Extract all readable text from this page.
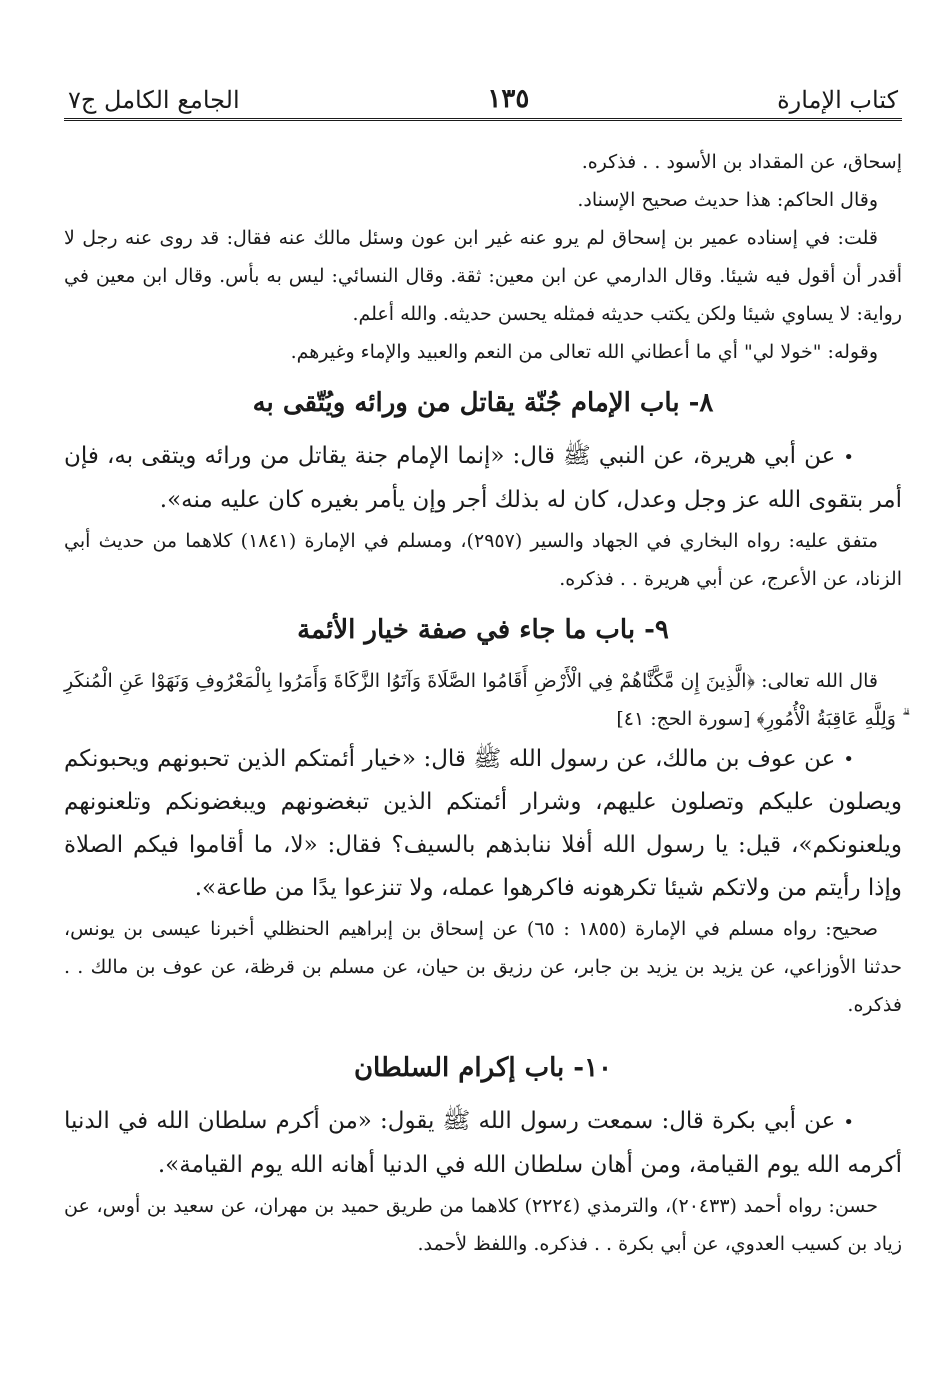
كتاب الإمارة
١٣٥
الجامع الكامل ج٧

إسحاق، عن المقداد بن الأسود . . فذكره.

وقال الحاكم: هذا حديث صحيح الإسناد.

قلت: في إسناده عمير بن إسحاق لم يرو عنه غير ابن عون وسئل مالك عنه فقال: قد روى عنه رجل لا أقدر أن أقول فيه شيئا. وقال الدارمي عن ابن معين: ثقة. وقال النسائي: ليس به بأس. وقال ابن معين في رواية: لا يساوي شيئا ولكن يكتب حديثه فمثله يحسن حديثه. والله أعلم.

وقوله: "خولا لي" أي ما أعطاني الله تعالى من النعم والعبيد والإماء وغيرهم.

٨- باب الإمام جُنّة يقاتل من ورائه ويُتّقى به

•عن أبي هريرة، عن النبي ﷺ قال: «إنما الإمام جنة يقاتل من ورائه ويتقى به، فإن أمر بتقوى الله عز وجل وعدل، كان له بذلك أجر وإن يأمر بغيره كان عليه منه».

متفق عليه: رواه البخاري في الجهاد والسير (٢٩٥٧)، ومسلم في الإمارة (١٨٤١) كلاهما من حديث أبي الزناد، عن الأعرج، عن أبي هريرة . . فذكره.

٩- باب ما جاء في صفة خيار الأئمة

قال الله تعالى: ﴿الَّذِينَ إِن مَّكَّنَّاهُمْ فِي الْأَرْضِ أَقَامُوا الصَّلَاةَ وَآتَوُا الزَّكَاةَ وَأَمَرُوا بِالْمَعْرُوفِ وَنَهَوْا عَنِ الْمُنكَرِ ۗ وَلِلَّهِ عَاقِبَةُ الْأُمُورِ﴾ [سورة الحج: ٤١]

•عن عوف بن مالك، عن رسول الله ﷺ قال: «خيار أئمتكم الذين تحبونهم ويحبونكم ويصلون عليكم وتصلون عليهم، وشرار أئمتكم الذين تبغضونهم ويبغضونكم وتلعنونهم ويلعنونكم»، قيل: يا رسول الله أفلا ننابذهم بالسيف؟ فقال: «لا، ما أقاموا فيكم الصلاة وإذا رأيتم من ولاتكم شيئا تكرهونه فاكرهوا عمله، ولا تنزعوا يدًا من طاعة».

صحيح: رواه مسلم في الإمارة (١٨٥٥ : ٦٥) عن إسحاق بن إبراهيم الحنظلي أخبرنا عيسى بن يونس، حدثنا الأوزاعي، عن يزيد بن يزيد بن جابر، عن رزيق بن حيان، عن مسلم بن قرظة، عن عوف بن مالك . . فذكره.

١٠- باب إكرام السلطان

•عن أبي بكرة قال: سمعت رسول الله ﷺ يقول: «من أكرم سلطان الله في الدنيا أكرمه الله يوم القيامة، ومن أهان سلطان الله في الدنيا أهانه الله يوم القيامة».

حسن: رواه أحمد (٢٠٤٣٣)، والترمذي (٢٢٢٤) كلاهما من طريق حميد بن مهران، عن سعيد بن أوس، عن زياد بن كسيب العدوي، عن أبي بكرة . . فذكره. واللفظ لأحمد.
